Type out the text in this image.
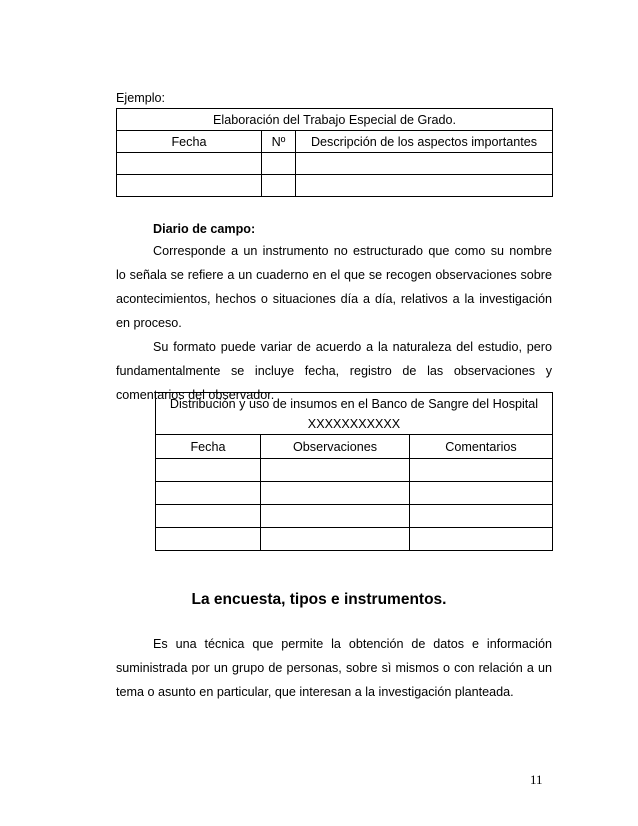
Ejemplo:
Elaboración del Trabajo Especial de Grado.		
Fecha	Nº	Descripción de los aspectos importantes

Diario de campo:
Corresponde a un instrumento no estructurado que como su nombre
lo señala se refiere a un cuaderno en el que se recogen observaciones sobre
acontecimientos, hechos o situaciones día a día, relativos a la investigación
en proceso.
Su formato puede variar de acuerdo a la naturaleza del estudio, pero
fundamentalmente se incluye fecha, registro de las observaciones y
comentarios del observador.
Distribución y uso de insumos en el Banco de Sangre del Hospital
XXXXXXXXXXX		

Fecha	Observaciones	Comentarios

La encuesta, tipos e instrumentos.
Es una técnica que permite la obtención de datos e información
suministrada por un grupo de personas, sobre sì mismos o con relación a un
tema o asunto en particular, que interesan a la investigación planteada.
11
